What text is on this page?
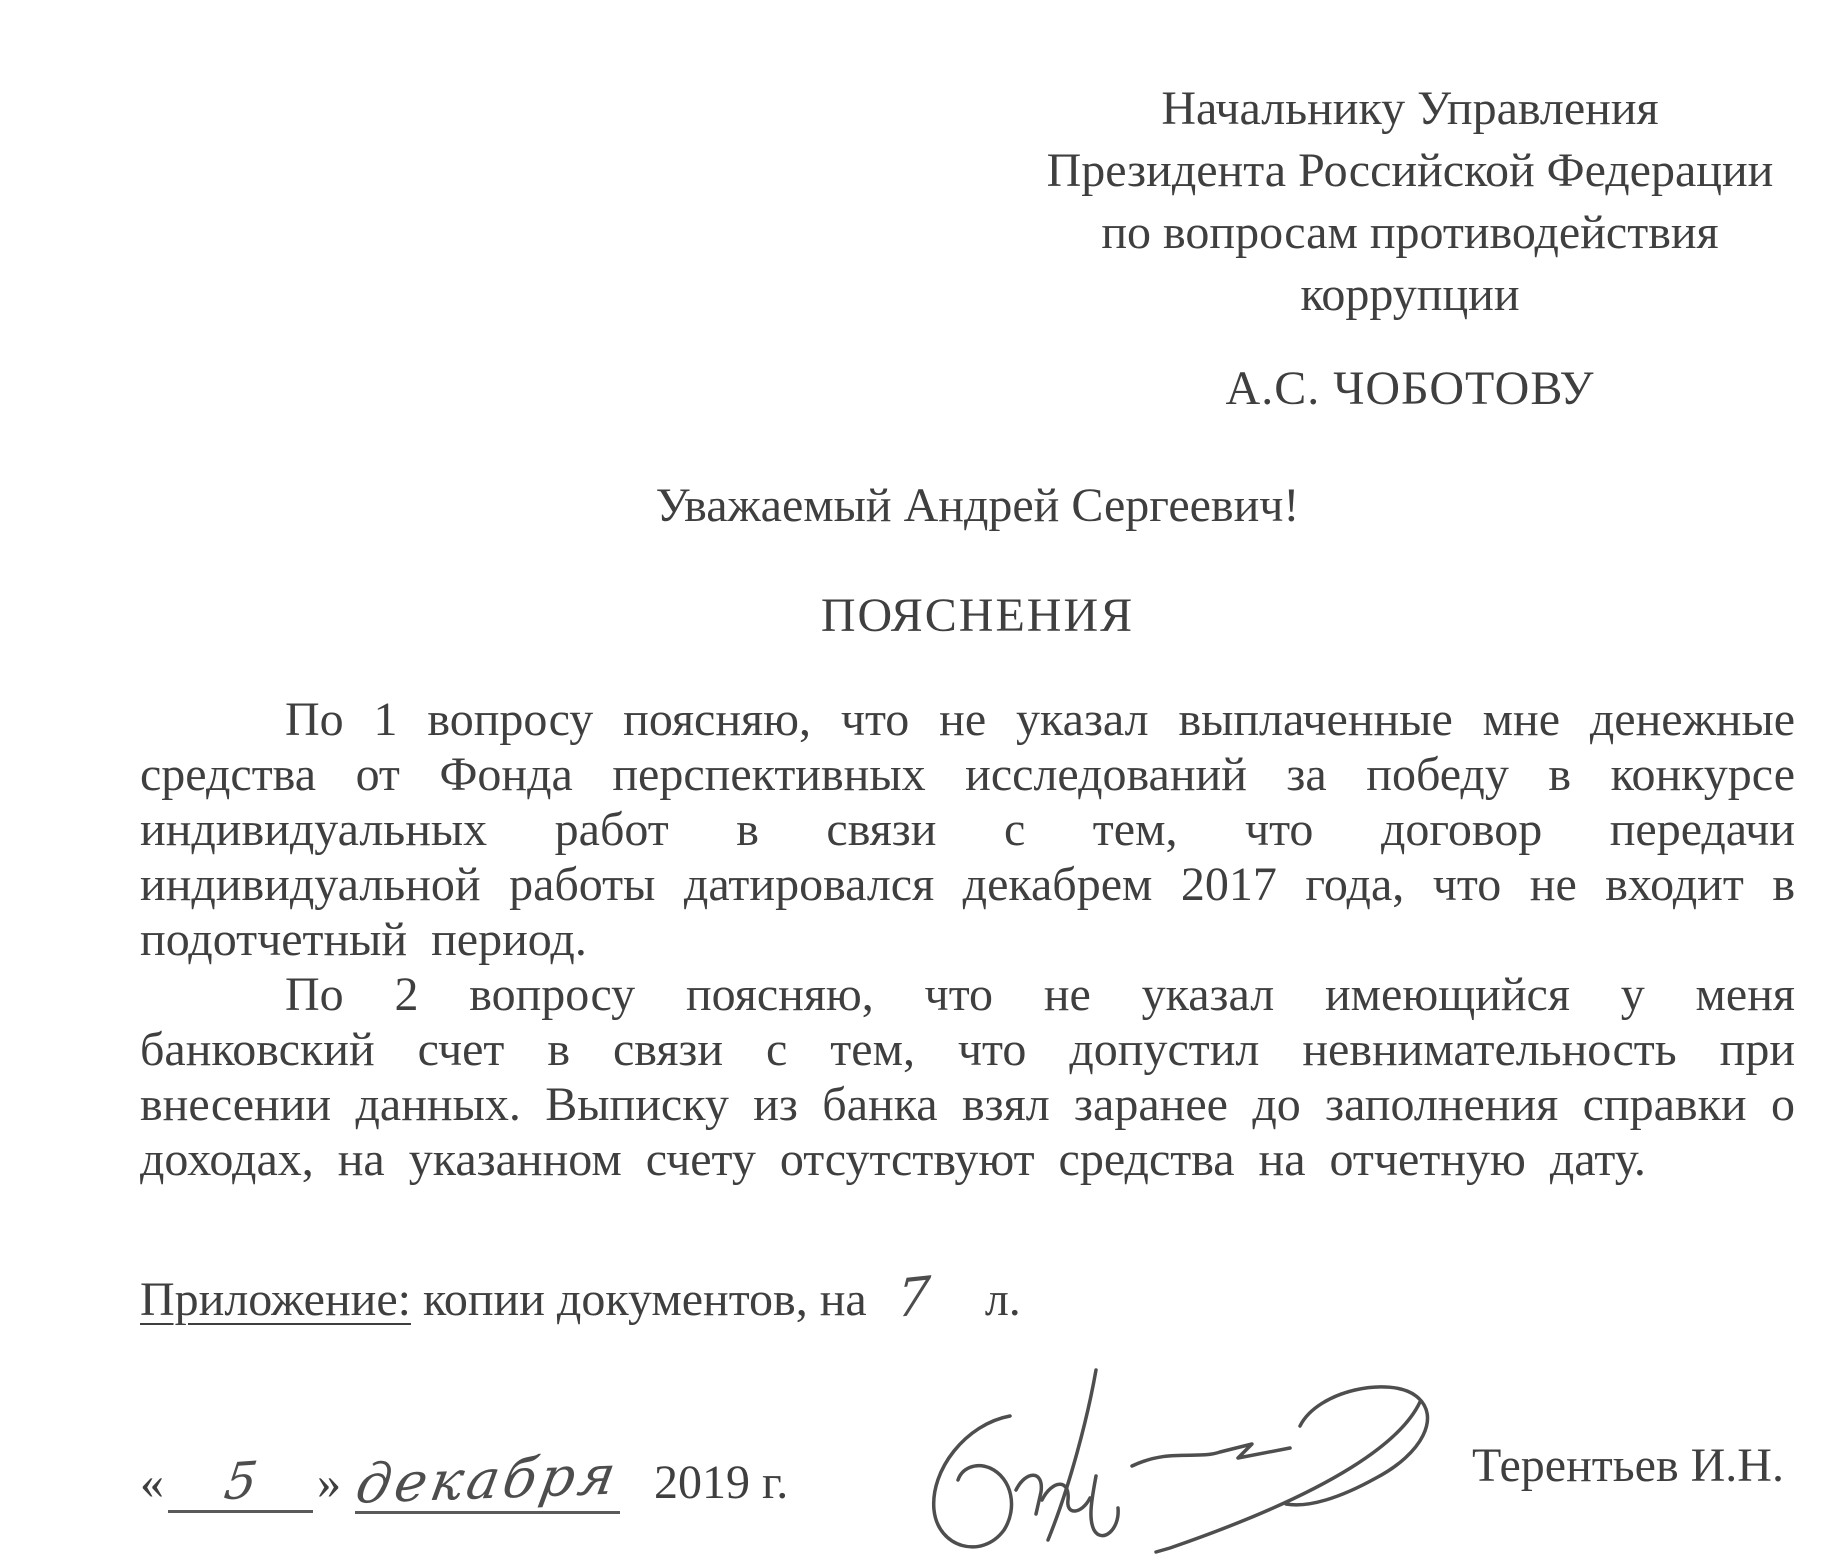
Начальнику Управления
Президента Российской Федерации
по вопросам противодействия
коррупции
А.С. ЧОБОТОВУ
Уважаемый Андрей Сергеевич!
ПОЯСНЕНИЯ

По 1 вопросу поясняю, что не указал выплаченные мне денежные средства от Фонда перспективных исследований за победу в конкурсе индивидуальных работ в связи с тем, что договор передачи индивидуальной работы датировался декабрем 2017 года, что не входит в подотчетный период.

По 2 вопросу поясняю, что не указал имеющийся у меня банковский счет в связи с тем, что допустил невнимательность при внесении данных. Выписку из банка взял заранее до заполнения справки о доходах, на указанном счету отсутствуют средства на отчетную дату.

Приложение: копии документов, на 7 л.
« 5 » декабря 2019 г.	Терентьев И.Н.
